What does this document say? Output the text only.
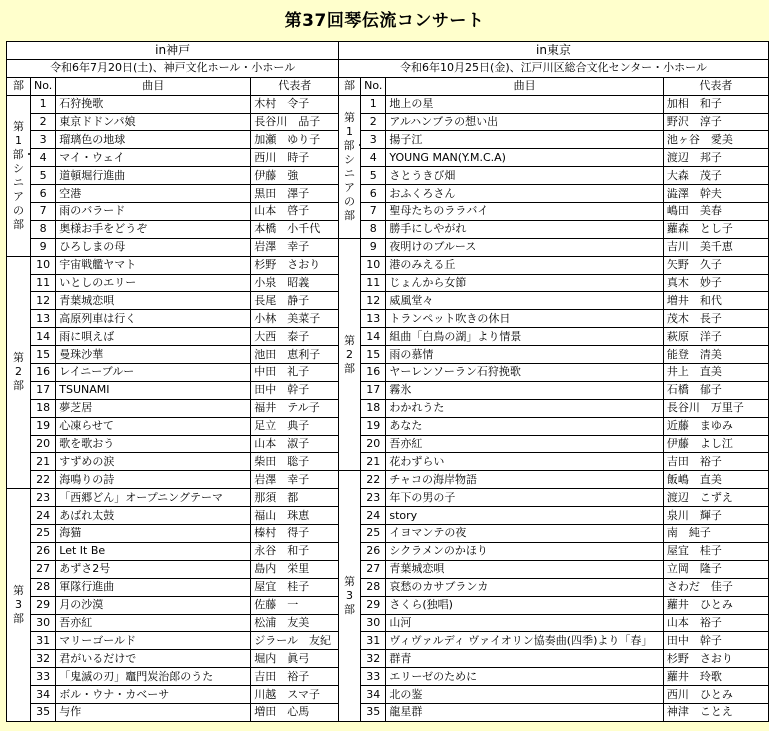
第37回琴伝流コンサート
in神戸			
令和6年7月20日(土)、神戸文化ホール・小ホール			
部	No.	曲目	代表者
第1部・シニアの部	1	石狩挽歌	木村　令子
	2	東京ドドンパ娘	長谷川　品子
	3	瑠璃色の地球	加瀬　ゆり子
	4	マイ・ウェイ	西川　時子
	5	道頓堀行進曲	伊藤　強
	6	空港	黒田　澤子
	7	雨のバラード	山本　啓子
	8	奥様お手をどうぞ	本橋　小千代
	9	ひろしまの母	岩澤　幸子
第2部	10	宇宙戦艦ヤマト	杉野　さおり
	11	いとしのエリー	小泉　昭義
	12	青葉城恋唄	長尾　静子
	13	高原列車は行く	小林　美菜子
	14	雨に唄えば	大西　泰子
	15	曼珠沙華	池田　恵利子
	16	レイニーブルー	中田　礼子
	17	TSUNAMI	田中　幹子
	18	夢芝居	福井　テル子
	19	心凍らせて	足立　典子
	20	歌を歌おう	山本　淑子
	21	すずめの涙	柴田　聡子
	22	海鳴りの詩	岩澤　幸子
第3部	23	「西郷どん」オープニングテーマ	那須　都
	24	あばれ太鼓	福山　珠恵
	25	海猫	榛村　得子
	26	Let It Be	永谷　和子
	27	あずさ2号	島内　栄里
	28	軍隊行進曲	屋宜　桂子
	29	月の沙漠	佐藤　一
	30	吾亦紅	松浦　友美
	31	マリーゴールド	ジラール　友紀
	32	君がいるだけで	堀内　眞弓
	33	「鬼滅の刃」竈門炭治郎のうた	吉田　裕子
	34	ボル・ウナ・カベーサ	川越　スマ子
	35	与作	増田　心馬
in東京			
令和6年10月25日(金)、江戸川区総合文化センター・小ホール			
部	No.	曲目	代表者
第1部・シニアの部	1	地上の星	加相　和子
	2	アルハンブラの想い出	野沢　淳子
	3	揚子江	池ヶ谷　愛美
	4	YOUNG MAN(Y.M.C.A)	渡辺　邦子
	5	さとうきび畑	大森　茂子
	6	おふくろさん	澁澤　幹夫
	7	聖母たちのララバイ	嶋田　美春
	8	勝手にしやがれ	蘿森　とし子
第2部	9	夜明けのブルース	吉川　美千恵
	10	港のみえる丘	矢野　久子
	11	じょんから女節	真木　妙子
	12	威風堂々	増井　和代
	13	トランペット吹きの休日	茂木　長子
	14	組曲「白鳥の湖」より情景	萩原　洋子
	15	雨の慕情	能登　清美
	16	ヤーレンソーラン石狩挽歌	井上　直美
	17	霧氷	石橋　郁子
	18	わかれうた	長谷川　万里子
	19	あなた	近藤　まゆみ
	20	吾亦紅	伊藤　よし江
	21	花わずらい	吉田　裕子
第3部	22	チャコの海岸物語	飯嶋　直美
	23	年下の男の子	渡辺　こずえ
	24	story	泉川　輝子
	25	イヨマンテの夜	南　純子
	26	シクラメンのかほり	屋宜　桂子
	27	青葉城恋唄	立岡　隆子
	28	哀愁のカサブランカ	さわだ　佳子
	29	さくら(独唱)	蘿井　ひとみ
	30	山河	山本　裕子
	31	ヴィヴァルディ ヴァイオリン協奏曲(四季)より「春」	田中　幹子
	32	群青	杉野　さおり
	33	エリーゼのために	蘿井　玲歌
	34	北の鉴	西川　ひとみ
	35	龍星群	神津　ことえ
